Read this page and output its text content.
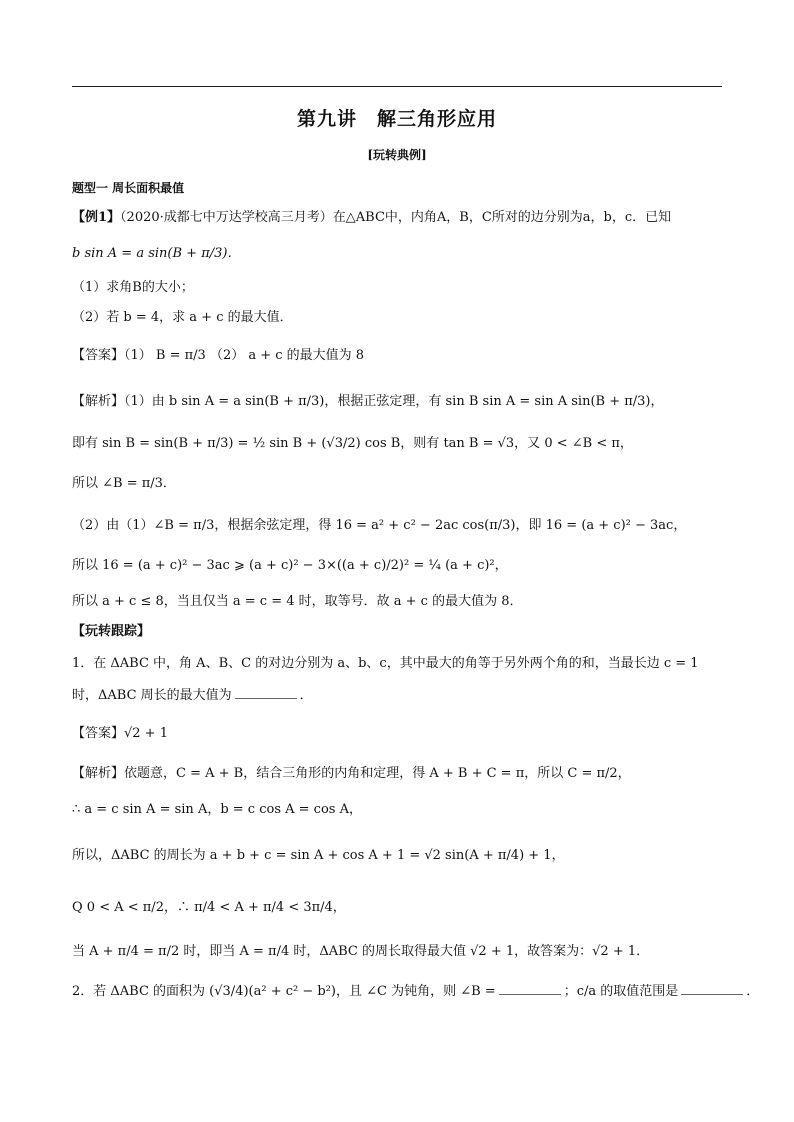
第九讲　解三角形应用
[玩转典例]
题型一 周长面积最值
【例1】（2020·成都七中万达学校高三月考）在△ABC中，内角A，B，C所对的边分别为a，b，c．已知
b sin A = a sin(B + π/3)．
（1）求角B的大小；
（2）若 b = 4，求 a + c 的最大值．
【答案】（1） B = π/3 （2） a + c 的最大值为 8
【解析】（1）由 b sin A = a sin(B + π/3)，根据正弦定理，有 sin B sin A = sin A sin(B + π/3)，
即有 sin B = sin(B + π/3) = ½ sin B + (√3/2) cos B，则有 tan B = √3，又 0 < ∠B < π，
所以 ∠B = π/3．
（2）由（1）∠B = π/3，根据余弦定理，得 16 = a² + c² − 2ac cos(π/3)，即 16 = (a + c)² − 3ac，
所以 16 = (a + c)² − 3ac ⩾ (a + c)² − 3×((a + c)/2)² = ¼ (a + c)²，
所以 a + c ≤ 8，当且仅当 a = c = 4 时，取等号．故 a + c 的最大值为 8．
【玩转跟踪】
1．在 ΔABC 中，角 A、B、C 的对边分别为 a、b、c，其中最大的角等于另外两个角的和，当最长边 c = 1
时，ΔABC 周长的最大值为	．
【答案】√2 + 1
【解析】依题意，C = A + B，结合三角形的内角和定理，得 A + B + C = π，所以 C = π/2，
∴ a = c sin A = sin A，b = c cos A = cos A，
所以，ΔABC 的周长为 a + b + c = sin A + cos A + 1 = √2 sin(A + π/4) + 1，
Q 0 < A < π/2，∴ π/4 < A + π/4 < 3π/4，
当 A + π/4 = π/2 时，即当 A = π/4 时，ΔABC 的周长取得最大值 √2 + 1，故答案为：√2 + 1．
2．若 ΔABC 的面积为 (√3/4)(a² + c² − b²)，且 ∠C 为钝角，则 ∠B =	；c/a 的取值范围是	．
